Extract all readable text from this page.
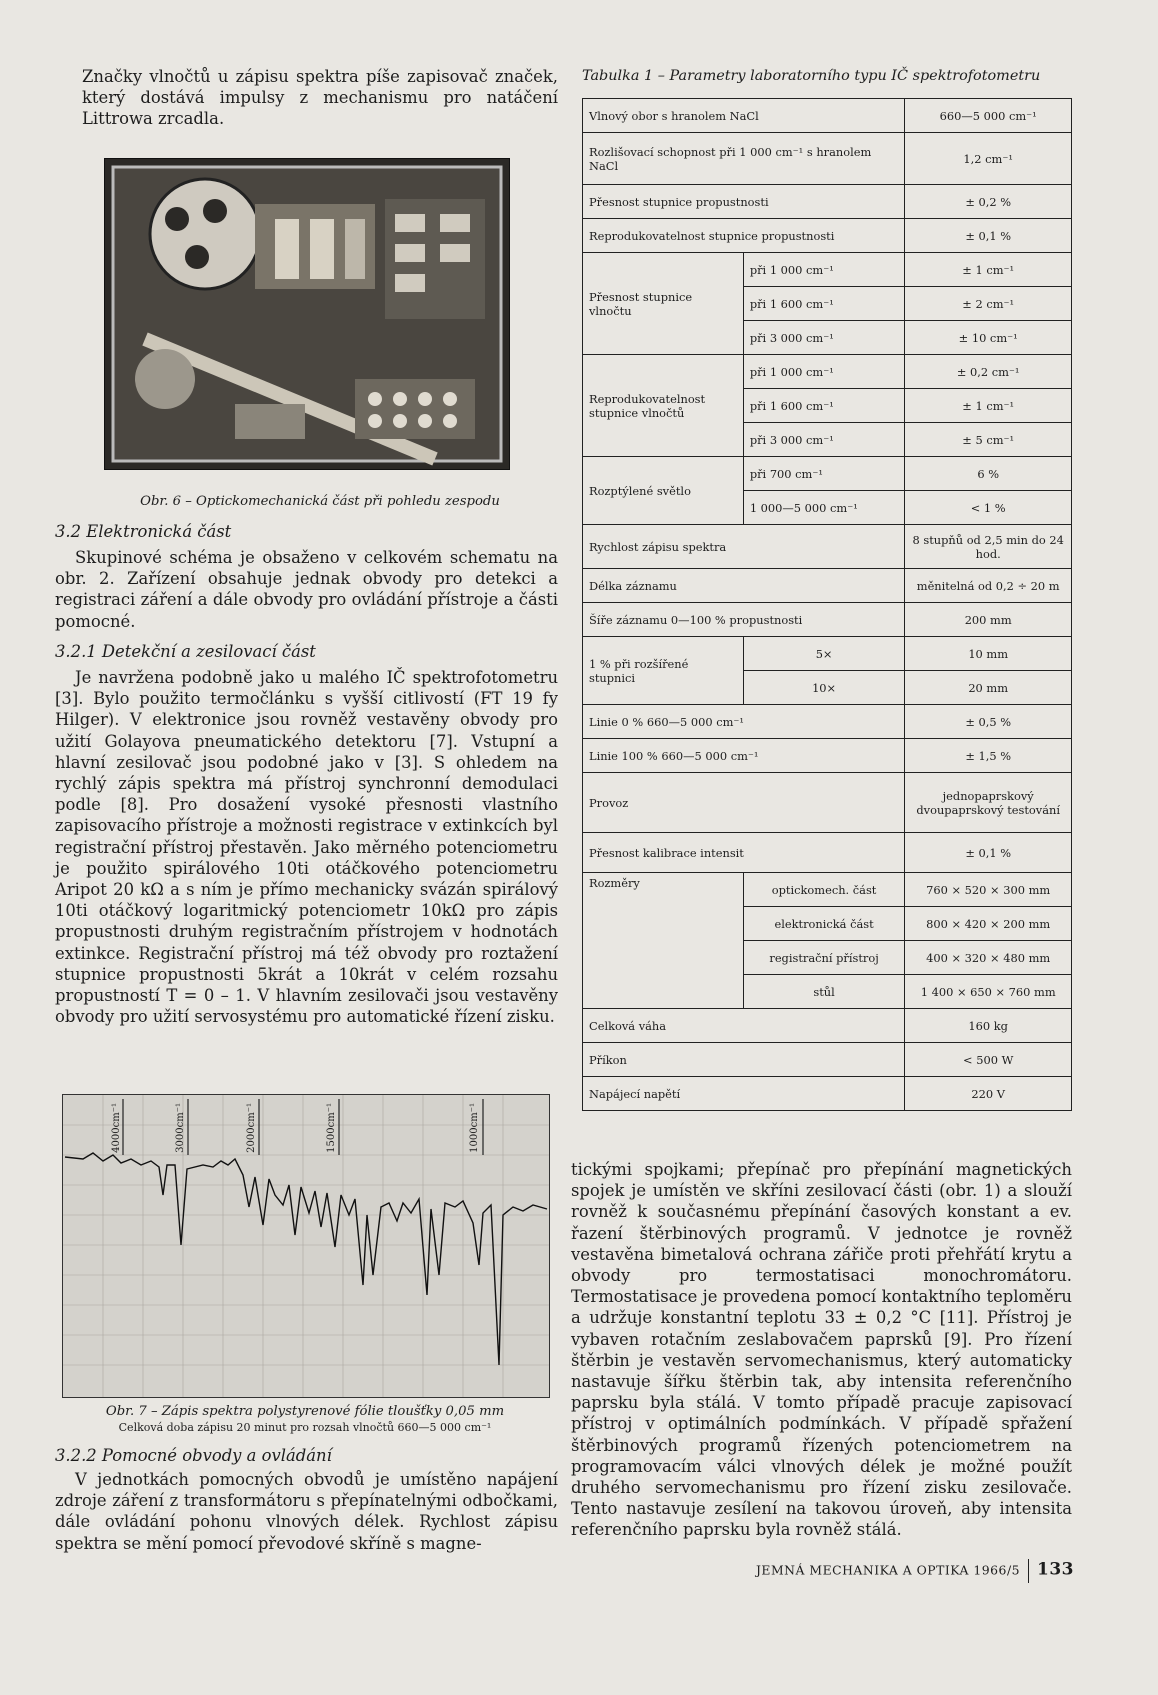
Značky vlnočtů u zápisu spektra píše zapisovač značek, který dostává impulsy z mechanismu pro natáčení Littrowa zrcadla.

Obr. 6 – Optickomechanická část při pohledu zespodu

3.2 Elektronická část

Skupinové schéma je obsaženo v celkovém schematu na obr. 2. Zařízení obsahuje jednak obvody pro detekci a registraci záření a dále obvody pro ovládání přístroje a části pomocné.

3.2.1 Detekční a zesilovací část

Je navržena podobně jako u malého IČ spektrofotometru [3]. Bylo použito termočlánku s vyšší citlivostí (FT 19 fy Hilger). V elektronice jsou rovněž vestavěny obvody pro užití Golayova pneumatického detektoru [7]. Vstupní a hlavní zesilovač jsou podobné jako v [3]. S ohledem na rychlý zápis spektra má přístroj synchronní demodulaci podle [8]. Pro dosažení vysoké přesnosti vlastního zapisovacího přístroje a možnosti registrace v extinkcích byl registrační přístroj přestavěn. Jako měrného potenciometru je použito spirálového 10ti otáčkového potenciometru Aripot 20 kΩ a s ním je přímo mechanicky svázán spirálový 10ti otáčkový logaritmický potenciometr 10kΩ pro zápis propustnosti druhým registračním přístrojem v hodnotách extinkce. Registrační přístroj má též obvody pro roztažení stupnice propustnosti 5krát a 10krát v celém rozsahu propustností T = 0 – 1. V hlavním zesilovači jsou vestavěny obvody pro užití servosystému pro automatické řízení zisku.

4000cm⁻¹	3000cm⁻¹	2000cm⁻¹	1500cm⁻¹	1000cm⁻¹

Obr. 7 – Zápis spektra polystyrenové fólie tloušťky 0,05 mm

Celková doba zápisu 20 minut pro rozsah vlnočtů 660—5 000 cm⁻¹

3.2.2 Pomocné obvody a ovládání

V jednotkách pomocných obvodů je umístěno napájení zdroje záření z transformátoru s přepínatelnými odbočkami, dále ovládání pohonu vlnových délek. Rychlost zápisu spektra se mění pomocí převodové skříně s magne-

Tabulka 1 – Parametry laboratorního typu IČ spektrofotometru

Vlnový obor s hranolem NaCl		660—5 000 cm⁻¹
Rozlišovací schopnost při 1 000 cm⁻¹ s hranolem NaCl		1,2 cm⁻¹
Přesnost stupnice propustnosti		± 0,2 %
Reprodukovatelnost stupnice propustnosti		± 0,1 %
Přesnost stupnice vlnočtu	při 1 000 cm⁻¹	± 1 cm⁻¹
	při 1 600 cm⁻¹	± 2 cm⁻¹
	při 3 000 cm⁻¹	± 10 cm⁻¹
Reprodukovatelnost stupnice vlnočtů	při 1 000 cm⁻¹	± 0,2 cm⁻¹
	při 1 600 cm⁻¹	± 1 cm⁻¹
	při 3 000 cm⁻¹	± 5 cm⁻¹
Rozptýlené světlo	při 700 cm⁻¹	6 %
	1 000—5 000 cm⁻¹	< 1 %
Rychlost zápisu spektra		8 stupňů od 2,5 min do 24 hod.
Délka záznamu		měnitelná od 0,2 ÷ 20 m
Šíře záznamu 0—100 % propustnosti		200 mm
1 % při rozšířené stupnici	5×	10 mm
	10×	20 mm
Linie 0 % 660—5 000 cm⁻¹		± 0,5 %
Linie 100 % 660—5 000 cm⁻¹		± 1,5 %
Provoz		jednopaprskový dvoupaprskový testování
Přesnost kalibrace intensit		± 0,1 %
Rozměry	optickomech. část	760 × 520 × 300 mm
	elektronická část	800 × 420 × 200 mm
	registrační přístroj	400 × 320 × 480 mm
	stůl	1 400 × 650 × 760 mm
Celková váha		160 kg
Příkon		< 500 W
Napájecí napětí		220 V

tickými spojkami; přepínač pro přepínání magnetických spojek je umístěn ve skříni zesilovací části (obr. 1) a slouží rovněž k současnému přepínání časových konstant a ev. řazení štěrbinových programů. V jednotce je rovněž vestavěna bimetalová ochrana zářiče proti přehřátí krytu a obvody pro termostatisaci monochromátoru. Termostatisace je provedena pomocí kontaktního teploměru a udržuje konstantní teplotu 33 ± 0,2 °C [11]. Přístroj je vybaven rotačním zeslabovačem paprsků [9]. Pro řízení štěrbin je vestavěn servomechanismus, který automaticky nastavuje šířku štěrbin tak, aby intensita referenčního paprsku byla stálá. V tomto případě pracuje zapisovací přístroj v optimálních podmínkách. V případě spřažení štěrbinových programů řízených potenciometrem na programovacím válci vlnových délek je možné použít druhého servomechanismu pro řízení zisku zesilovače. Tento nastavuje zesílení na takovou úroveň, aby intensita referenčního paprsku byla rovněž stálá.

JEMNÁ MECHANIKA A OPTIKA 1966/5 133
